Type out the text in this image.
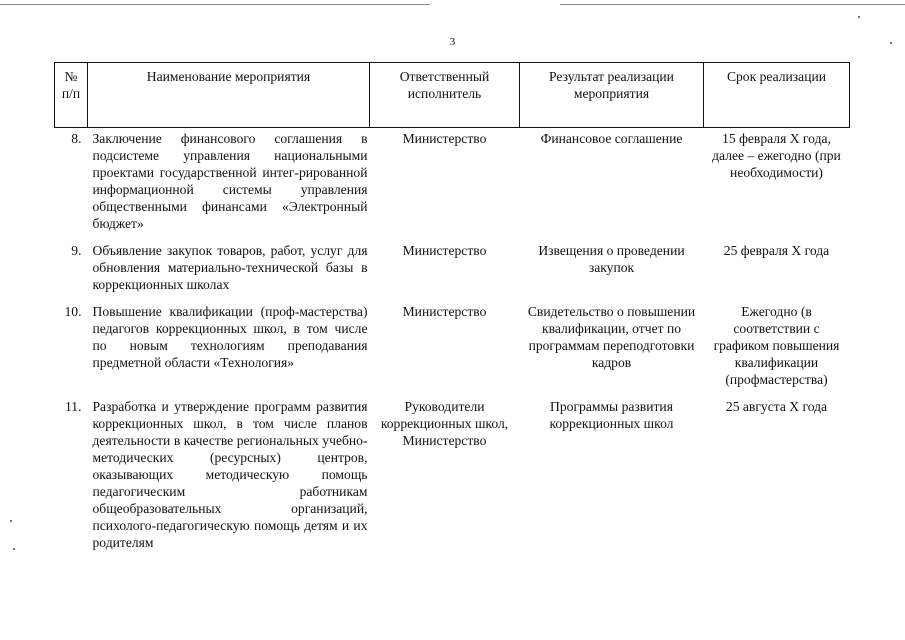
3
№ п/п	Наименование мероприятия	Ответственный исполнитель	Результат реализации мероприятия	Срок реализации
8.	Заключение финансового соглашения в подсистеме управления национальными проектами государственной интег-рированной информационной системы управления общественными финансами «Электронный бюджет»	Министерство	Финансовое соглашение	15 февраля X года, далее – ежегодно (при необходимости)

9.	Объявление закупок товаров, работ, услуг для обновления материально-технической базы в коррекционных школах	Министерство	Извещения о проведении закупок	25 февраля X года

10.	Повышение квалификации (проф-мастерства) педагогов коррекционных школ, в том числе по новым технологиям преподавания предметной области «Технология»	Министерство	Свидетельство о повышении квалификации, отчет по программам переподготовки кадров	Ежегодно (в соответствии с графиком повышения квалификации (профмастерства)

11.	Разработка и утверждение программ развития коррекционных школ, в том числе планов деятельности в качестве региональных учебно-методических (ресурсных) центров, оказывающих методическую помощь педагогическим работникам общеобразовательных организаций, психолого-педагогическую помощь детям и их родителям	Руководители коррекционных школ, Министерство	Программы развития коррекционных школ	25 августа X года
